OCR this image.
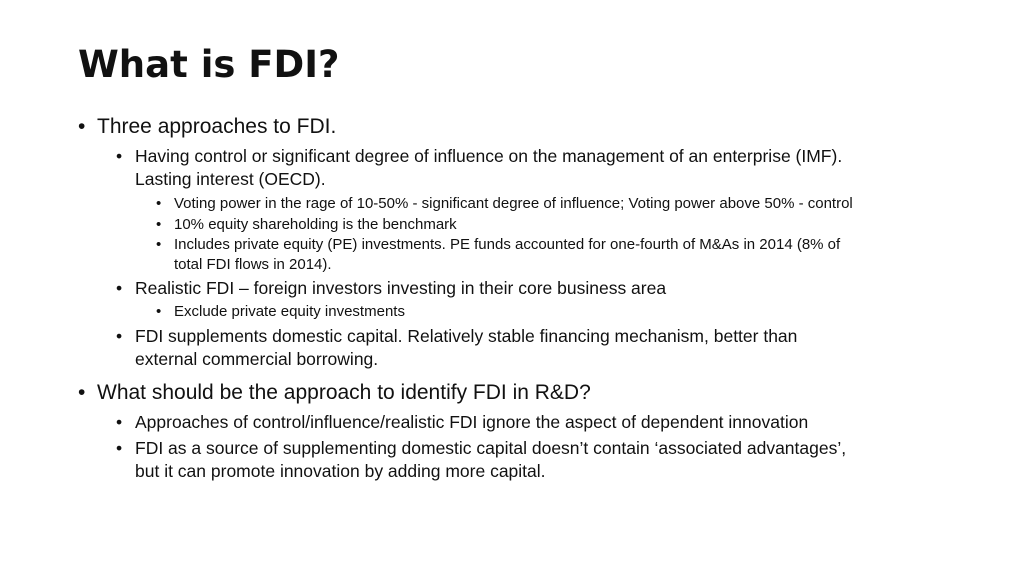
What is FDI?
• Three approaches to FDI.
• Having control or significant degree of influence on the management of an enterprise (IMF).
Lasting interest (OECD).
• Voting power in the rage of 10-50% - significant degree of influence; Voting power above 50% - control
• 10% equity shareholding is the benchmark
• Includes private equity (PE) investments. PE funds accounted for one-fourth of M&As in 2014 (8% of
total FDI flows in 2014).
• Realistic FDI – foreign investors investing in their core business area
• Exclude private equity investments
• FDI supplements domestic capital. Relatively stable financing mechanism, better than
external commercial borrowing.
• What should be the approach to identify FDI in R&D?
• Approaches of control/influence/realistic FDI ignore the aspect of dependent innovation
• FDI as a source of supplementing domestic capital doesn’t contain ‘associated advantages’,
but it can promote innovation by adding more capital.
